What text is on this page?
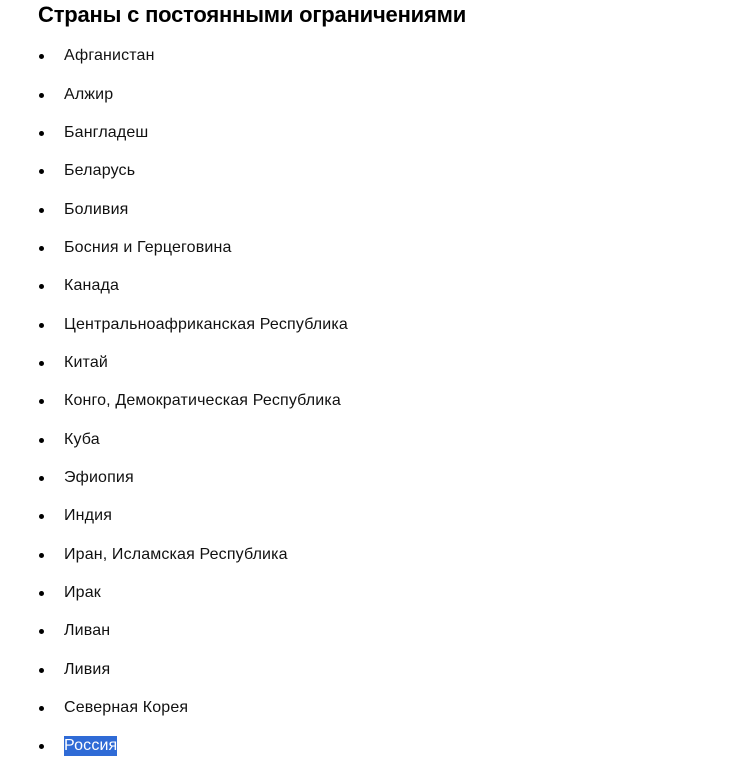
Страны с постоянными ограничениями
Афганистан
Алжир
Бангладеш
Беларусь
Боливия
Босния и Герцеговина
Канада
Центральноафриканская Республика
Китай
Конго, Демократическая Республика
Куба
Эфиопия
Индия
Иран, Исламская Республика
Ирак
Ливан
Ливия
Северная Корея
Россия
